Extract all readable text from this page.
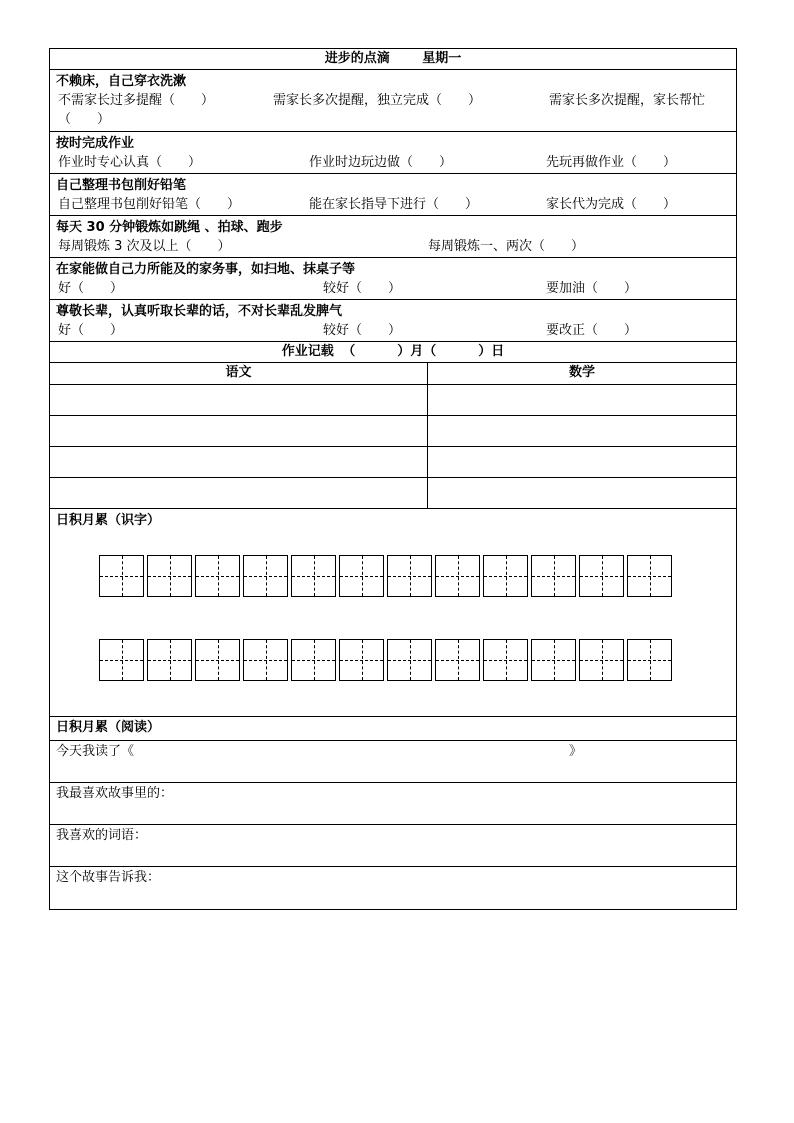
进步的点滴	星期一
不赖床，自己穿衣洗漱
不需家长过多提醒（　　）	需家长多次提醒，独立完成（　　）	需家长多次提醒，家长帮忙
（　　）
按时完成作业
作业时专心认真（　　）	作业时边玩边做（　　）	先玩再做作业（　　）
自己整理书包削好铅笔
自己整理书包削好铅笔（　　）	能在家长指导下进行（　　）	家长代为完成（　　）
每天 30 分钟锻炼如跳绳 、拍球、跑步
每周锻炼 3 次及以上（　　）	每周锻炼一、两次（　　）
在家能做自己力所能及的家务事，如扫地、抹桌子等
好（　　）	较好（　　）	要加油（　　）
尊敬长辈，认真听取长辈的话，不对长辈乱发脾气
好（　　）	较好（　　）	要改正（　　）
作业记载 （	）月（	）日
语文	数学
日积月累（识字）
日积月累（阅读）
今天我读了《	》
我最喜欢故事里的：
我喜欢的词语：
这个故事告诉我：
